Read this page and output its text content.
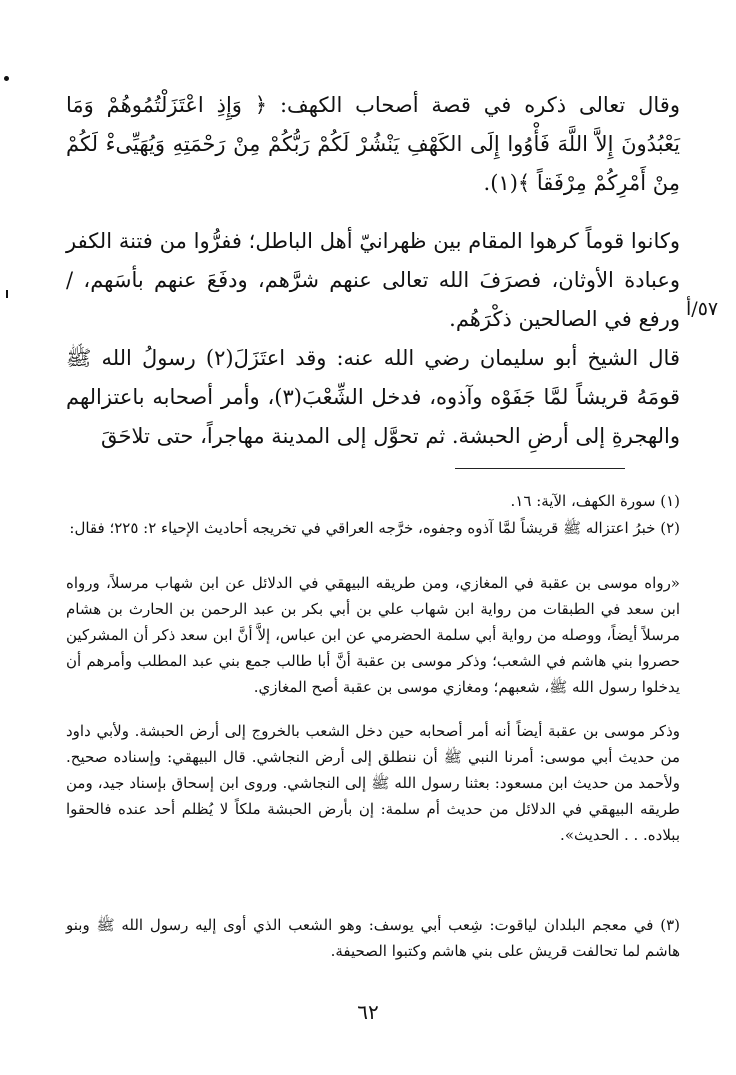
وقال تعالى ذكره في قصة أصحاب الكهف: ﴿ وَإِذِ اعْتَزَلْتُمُوهُمْ وَمَا يَعْبُدُونَ إِلاَّ اللَّهَ فَأْوُوا إِلَى الكَهْفِ يَنْشُرْ لَكُمْ رَبُّكُمْ مِنْ رَحْمَتِهِ وَيُهَيِّىءْ لَكُمْ مِنْ أَمْرِكُمْ مِرْفَقاً ﴾(١).

وكانوا قوماً كرهوا المقام بين ظهرانيّ أهل الباطل؛ ففرُّوا من فتنة الكفر وعبادة الأوثان، فصرَفَ الله تعالى عنهم شرَّهم، ودفَعَ عنهم بأسَهم، / ورفع في الصالحين ذكْرَهُم. ٥٧/أ

قال الشيخ أبو سليمان رضي الله عنه: وقد اعتَزَلَ(٢) رسولُ الله ﷺ قومَهُ قريشاً لمَّا جَفَوْه وآذوه، فدخل الشِّعْبَ(٣)، وأمر أصحابه باعتزالهم والهجرةِ إلى أرضِ الحبشة. ثم تحوَّل إلى المدينة مهاجراً، حتى تلاحَقَ

(١) سورة الكهف، الآية: ١٦.
(٢) خبرُ اعتزاله ﷺ قريشاً لمَّا آذوه وجفوه، خرَّجه العراقي في تخريجه أحاديث الإحياء ٢: ٢٢٥؛ فقال:
«رواه موسى بن عقبة في المغازي، ومن طريقه البيهقي في الدلائل عن ابن شهاب مرسلاً، ورواه ابن سعد في الطبقات من رواية ابن شهاب علي بن أبي بكر بن عبد الرحمن بن الحارث بن هشام مرسلاً أيضاً، ووصله من رواية أبي سلمة الحضرمي عن ابن عباس، إلاَّ أنَّ ابن سعد ذكر أن المشركين حصروا بني هاشم في الشعب؛ وذكر موسى بن عقبة أنَّ أبا طالب جمع بني عبد المطلب وأمرهم أن يدخلوا رسول الله ﷺ، شعبهم؛ ومغازي موسى بن عقبة أصح المغازي.
وذكر موسى بن عقبة أيضاً أنه أمر أصحابه حين دخل الشعب بالخروج إلى أرض الحبشة. ولأبي داود من حديث أبي موسى: أمرنا النبي ﷺ أن ننطلق إلى أرض النجاشي. قال البيهقي: وإسناده صحيح. ولأحمد من حديث ابن مسعود: بعثنا رسول الله ﷺ إلى النجاشي. وروى ابن إسحاق بإسناد جيد، ومن طريقه البيهقي في الدلائل من حديث أم سلمة: إن بأرض الحبشة ملكاً لا يُظلم أحد عنده فالحقوا ببلاده. . . الحديث».
(٣) في معجم البلدان لياقوت: شِعب أبي يوسف: وهو الشعب الذي أوى إليه رسول الله ﷺ وبنو هاشم لما تحالفت قريش على بني هاشم وكتبوا الصحيفة.
٦٢
